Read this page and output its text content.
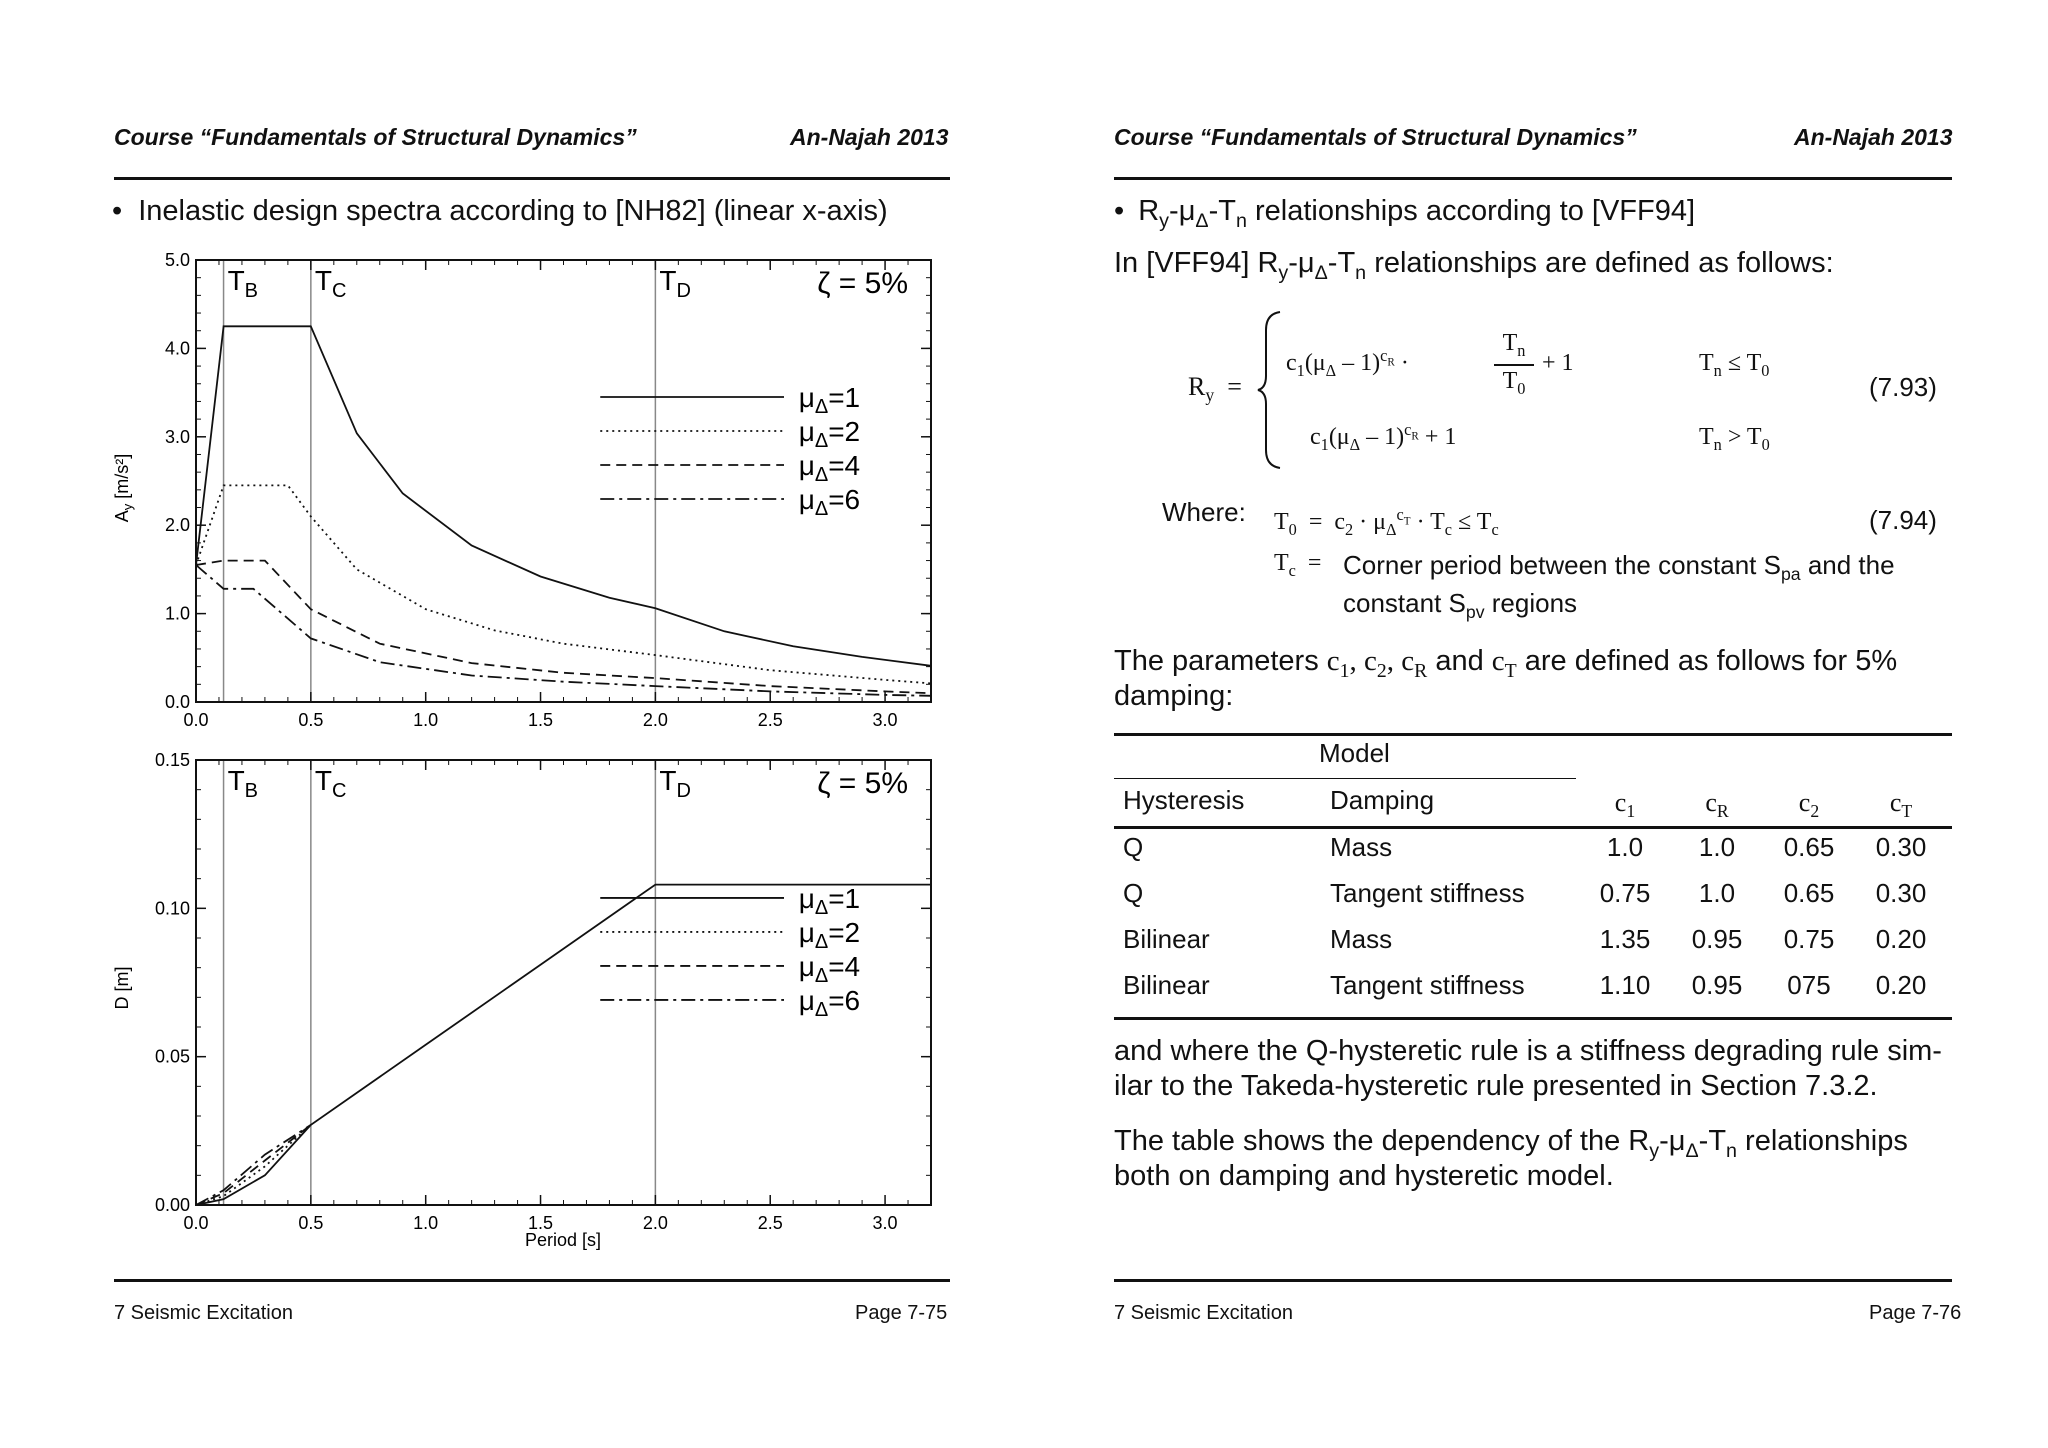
Course “Fundamentals of Structural Dynamics”	An-Najah 2013
• Inelastic design spectra according to [NH82] (linear x-axis)
$T_B$ $T_C$	$T_D$
0.0	0.5	1.0	1.5	2.0	2.5	3.0
0.0
1.0
2.0
3.0
4.0
5.0
$\mu_\Delta=1$
$\mu_\Delta=2$
$\mu_\Delta=4$
$\mu_\Delta=6$
$A_y$ [m/s²]
ζ = 5%
$T_B$ $T_C$	$T_D$
0.0	0.5	1.0	1.5	2.0	2.5	3.0
0.00
0.05
0.10
0.15
$\mu_\Delta=1$
$\mu_\Delta=2$
$\mu_\Delta=4$
$\mu_\Delta=6$
D [m]
Period [s]
ζ = 5%
7 Seismic Excitation	Page 7-75
Course “Fundamentals of Structural Dynamics”	An-Najah 2013
• $R_y-\mu_\Delta-T_n$ relationships according to [VFF94]
In [VFF94] $R_y-\mu_\Delta-T_n$ relationships are defined as follows:
$R_y$  =
$c_1(\mu_\Delta - 1)^{c_R}$ ·
$T_n$
$T_0$
+ 1	$T_n \le T_0$
$c_1(\mu_\Delta - 1)^{c_R} + 1$	$T_n > T_0$
(7.93)
Where: $T_0 = c_2 \cdot \mu_\Delta^{c_T} \cdot T_c \le T_c$	(7.94)
$T_c$  = Corner period between the constant $S_{pa}$ and the
constant $S_{pv}$ regions
The parameters $c_1$, $c_2$, $c_R$ and $c_T$ are defined as follows for 5%
damping:
Model
Hysteresis	Damping	$c_1$	$c_R$	$c_2$	$c_T$
Q	Mass	1.0	1.0	0.65	0.30
Q	Tangent stiffness	0.75	1.0	0.65	0.30
Bilinear	Mass	1.35	0.95	0.75	0.20
Bilinear	Tangent stiffness	1.10	0.95	075	0.20
and where the Q-hysteretic rule is a stiffness degrading rule sim-
ilar to the Takeda-hysteretic rule presented in Section 7.3.2.
The table shows the dependency of the $R_y-\mu_\Delta-T_n$ relationships
both on damping and hysteretic model.
7 Seismic Excitation	Page 7-76
